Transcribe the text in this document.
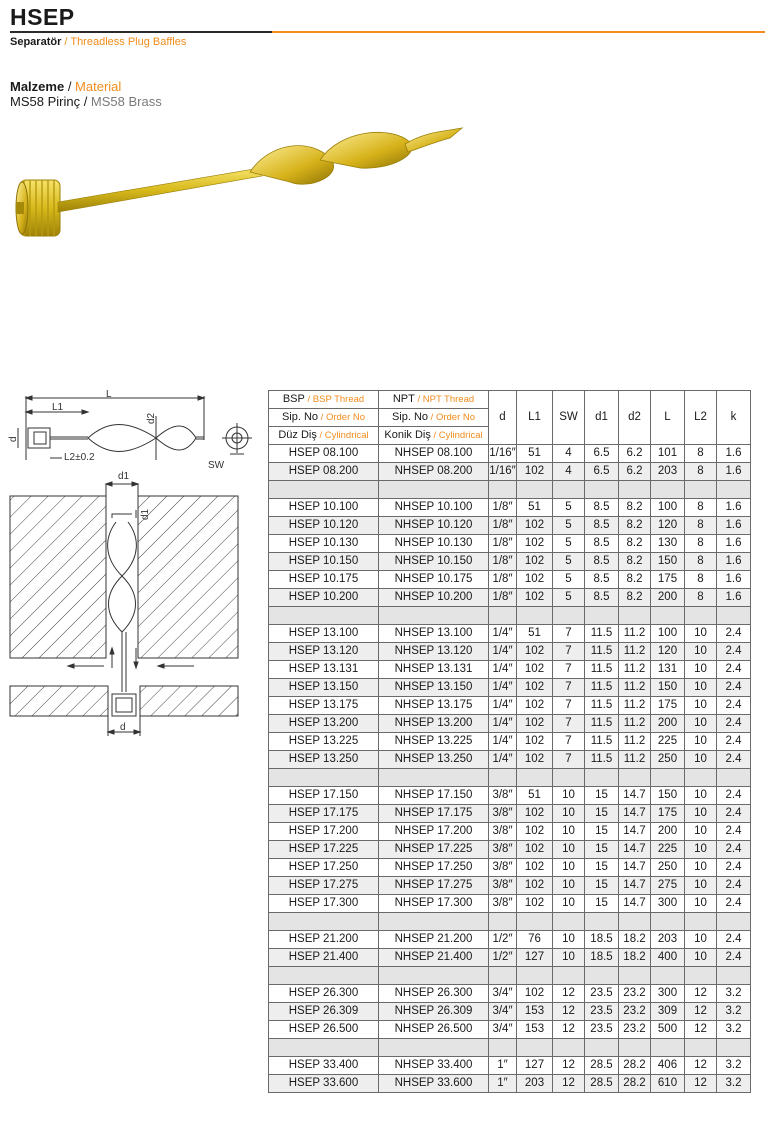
HSEP
Separatör / Threadless Plug Baffles
Malzeme / Material
MS58 Pirinç / MS58 Brass
L
L1
d2
d
L2±0.2
SW
d1
d1
d
BSP / BSP Thread	NPT / NPT Thread	d	L1	SW	d1	d2	L	L2	k
Sip. No / Order No	Sip. No / Order No								
Düz Diş / Cylindrical	Konik Diş / Cylindrical								
HSEP 08.100	NHSEP 08.100	1/16″	51	4	6.5	6.2	101	8	1.6
HSEP 08.200	NHSEP 08.200	1/16″	102	4	6.5	6.2	203	8	1.6

HSEP 10.100	NHSEP 10.100	1/8″	51	5	8.5	8.2	100	8	1.6
HSEP 10.120	NHSEP 10.120	1/8″	102	5	8.5	8.2	120	8	1.6
HSEP 10.130	NHSEP 10.130	1/8″	102	5	8.5	8.2	130	8	1.6
HSEP 10.150	NHSEP 10.150	1/8″	102	5	8.5	8.2	150	8	1.6
HSEP 10.175	NHSEP 10.175	1/8″	102	5	8.5	8.2	175	8	1.6
HSEP 10.200	NHSEP 10.200	1/8″	102	5	8.5	8.2	200	8	1.6

HSEP 13.100	NHSEP 13.100	1/4″	51	7	11.5	11.2	100	10	2.4
HSEP 13.120	NHSEP 13.120	1/4″	102	7	11.5	11.2	120	10	2.4
HSEP 13.131	NHSEP 13.131	1/4″	102	7	11.5	11.2	131	10	2.4
HSEP 13.150	NHSEP 13.150	1/4″	102	7	11.5	11.2	150	10	2.4
HSEP 13.175	NHSEP 13.175	1/4″	102	7	11.5	11.2	175	10	2.4
HSEP 13.200	NHSEP 13.200	1/4″	102	7	11.5	11.2	200	10	2.4
HSEP 13.225	NHSEP 13.225	1/4″	102	7	11.5	11.2	225	10	2.4
HSEP 13.250	NHSEP 13.250	1/4″	102	7	11.5	11.2	250	10	2.4

HSEP 17.150	NHSEP 17.150	3/8″	51	10	15	14.7	150	10	2.4
HSEP 17.175	NHSEP 17.175	3/8″	102	10	15	14.7	175	10	2.4
HSEP 17.200	NHSEP 17.200	3/8″	102	10	15	14.7	200	10	2.4
HSEP 17.225	NHSEP 17.225	3/8″	102	10	15	14.7	225	10	2.4
HSEP 17.250	NHSEP 17.250	3/8″	102	10	15	14.7	250	10	2.4
HSEP 17.275	NHSEP 17.275	3/8″	102	10	15	14.7	275	10	2.4
HSEP 17.300	NHSEP 17.300	3/8″	102	10	15	14.7	300	10	2.4

HSEP 21.200	NHSEP 21.200	1/2″	76	10	18.5	18.2	203	10	2.4
HSEP 21.400	NHSEP 21.400	1/2″	127	10	18.5	18.2	400	10	2.4

HSEP 26.300	NHSEP 26.300	3/4″	102	12	23.5	23.2	300	12	3.2
HSEP 26.309	NHSEP 26.309	3/4″	153	12	23.5	23.2	309	12	3.2
HSEP 26.500	NHSEP 26.500	3/4″	153	12	23.5	23.2	500	12	3.2

HSEP 33.400	NHSEP 33.400	1″	127	12	28.5	28.2	406	12	3.2
HSEP 33.600	NHSEP 33.600	1″	203	12	28.5	28.2	610	12	3.2
